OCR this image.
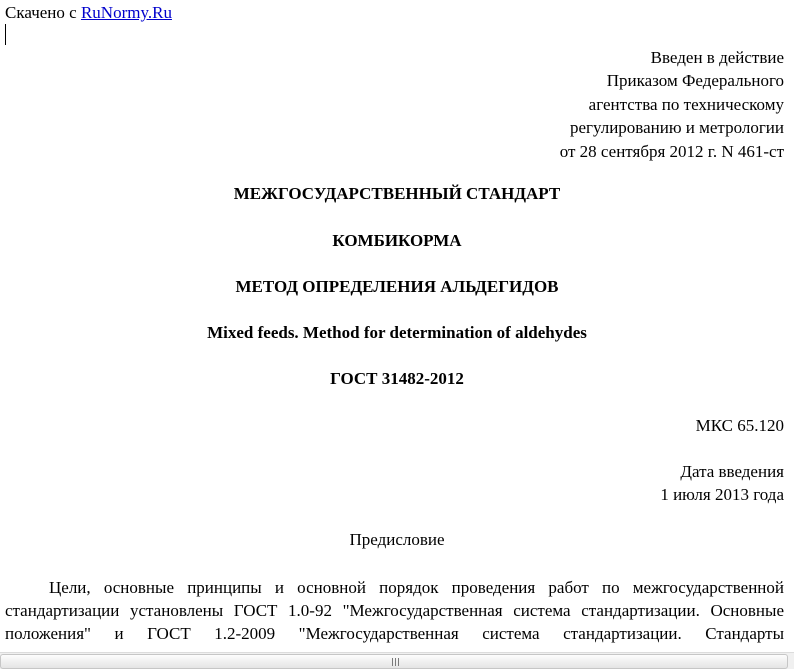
Скачено с RuNormy.Ru
Введен в действие
Приказом Федерального
агентства по техническому
регулированию и метрологии
от 28 сентября 2012 г. N 461-ст
МЕЖГОСУДАРСТВЕННЫЙ СТАНДАРТ
КОМБИКОРМА
МЕТОД ОПРЕДЕЛЕНИЯ АЛЬДЕГИДОВ
Mixed feeds. Method for determination of aldehydes
ГОСТ 31482-2012
МКС 65.120
Дата введения
1 июля 2013 года
Предисловие
Цели, основные принципы и основной порядок проведения работ по межгосударственной стандартизации установлены ГОСТ 1.0-92 "Межгосударственная система стандартизации. Основные положения" и ГОСТ 1.2-2009 "Межгосударственная система стандартизации. Стандарты
